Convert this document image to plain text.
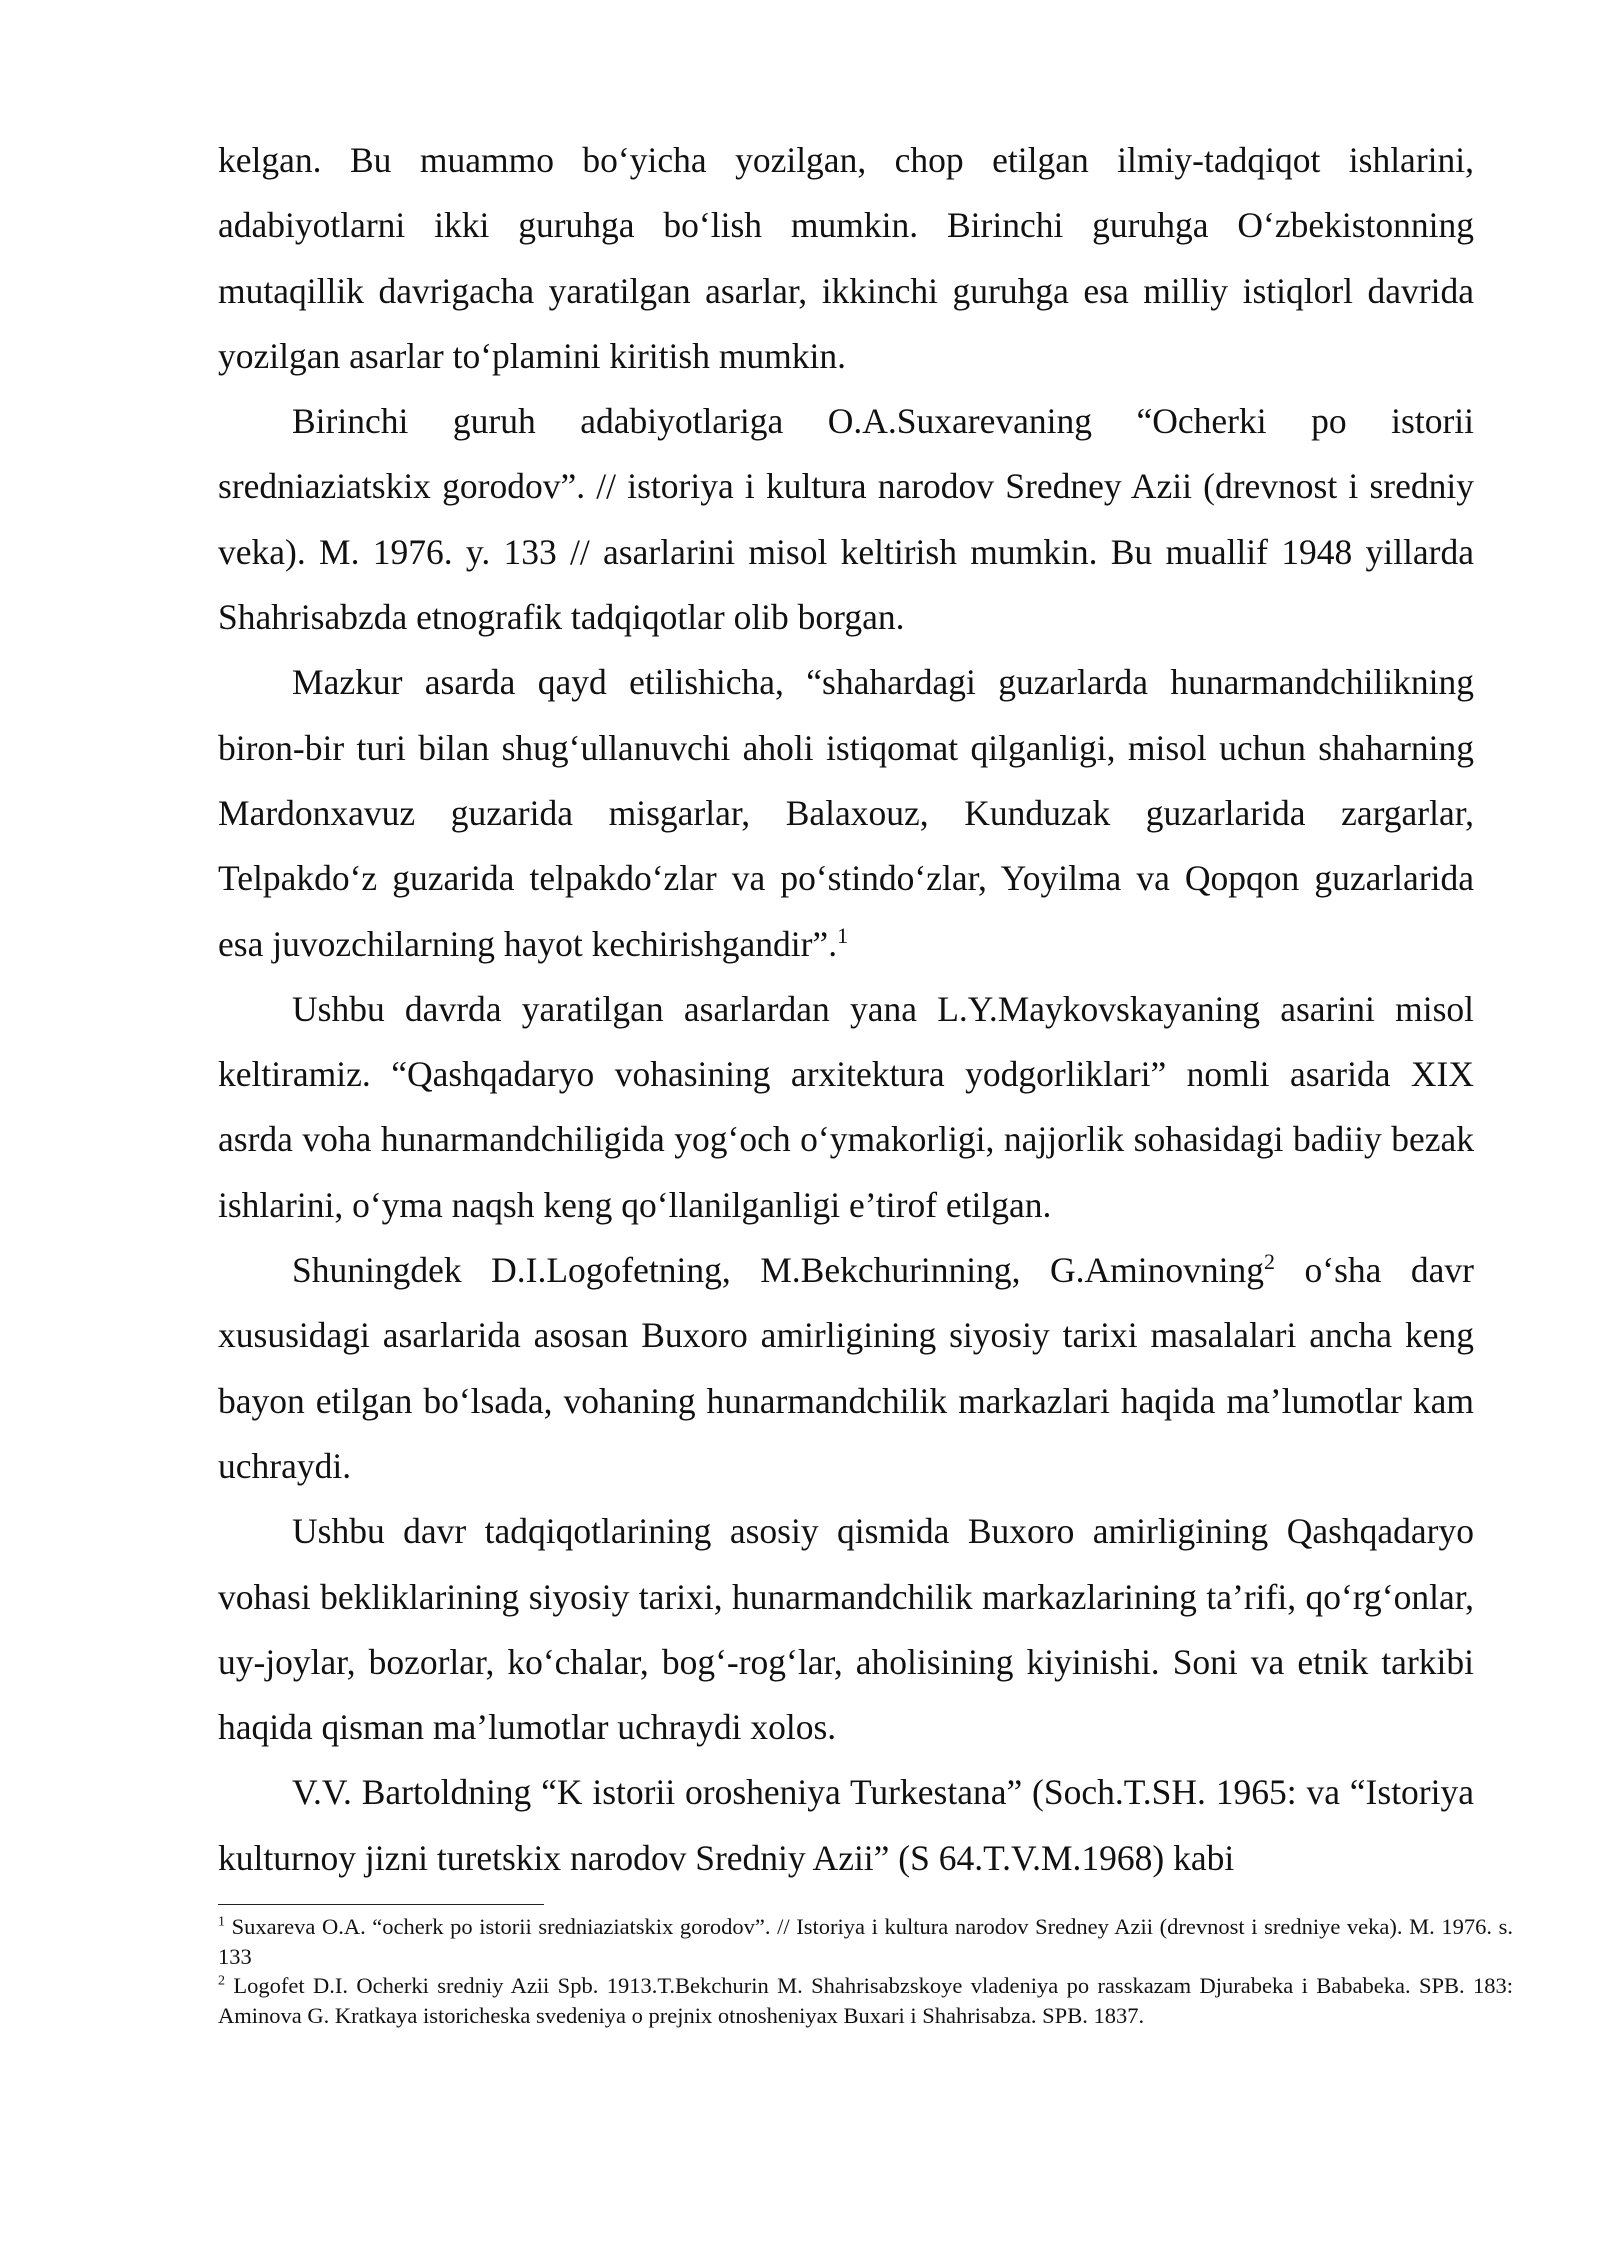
kelgan. Bu muammo bo‘yicha yozilgan, chop etilgan ilmiy-tadqiqot ishlarini, adabiyotlarni ikki guruhga bo‘lish mumkin. Birinchi guruhga O‘zbekistonning mutaqillik davrigacha yaratilgan asarlar, ikkinchi guruhga esa milliy istiqlorl davrida yozilgan asarlar to‘plamini kiritish mumkin.

Birinchi guruh adabiyotlariga O.A.Suxarevaning “Ocherki po istorii sredniaziatskix gorodov”. // istoriya i kultura narodov Sredney Azii (drevnost i sredniy veka). M. 1976. y. 133 // asarlarini misol keltirish mumkin. Bu muallif 1948 yillarda Shahrisabzda etnografik tadqiqotlar olib borgan.

Mazkur asarda qayd etilishicha, “shahardagi guzarlarda hunarmandchilikning biron-bir turi bilan shug‘ullanuvchi aholi istiqomat qilganligi, misol uchun shaharning Mardonxavuz guzarida misgarlar, Balaxouz, Kunduzak guzarlarida zargarlar, Telpakdo‘z guzarida telpakdo‘zlar va po‘stindo‘zlar, Yoyilma va Qopqon guzarlarida esa juvozchilarning hayot kechirishgandir”.$^1$

Ushbu davrda yaratilgan asarlardan yana L.Y.Maykovskayaning asarini misol keltiramiz. “Qashqadaryo vohasining arxitektura yodgorliklari” nomli asarida XIX asrda voha hunarmandchiligida yog‘och o‘ymakorligi, najjorlik sohasidagi badiiy bezak ishlarini, o‘yma naqsh keng qo‘llanilganligi e’tirof etilgan.

Shuningdek D.I.Logofetning, M.Bekchurinning, G.Aminovning$^2$ o‘sha davr xususidagi asarlarida asosan Buxoro amirligining siyosiy tarixi masalalari ancha keng bayon etilgan bo‘lsada, vohaning hunarmandchilik markazlari haqida ma’lumotlar kam uchraydi.

Ushbu davr tadqiqotlarining asosiy qismida Buxoro amirligining Qashqadaryo vohasi bekliklarining siyosiy tarixi, hunarmandchilik markazlarining ta’rifi, qo‘rg‘onlar, uy-joylar, bozorlar, ko‘chalar, bog‘-rog‘lar, aholisining kiyinishi. Soni va etnik tarkibi haqida qisman ma’lumotlar uchraydi xolos.

V.V. Bartoldning “K istorii orosheniya Turkestana” (Soch.T.SH. 1965: va “Istoriya kulturnoy jizni turetskix narodov Sredniy Azii” (S 64.T.V.M.1968) kabi

$^1$ Suxareva O.A. “ocherk po istorii sredniaziatskix gorodov”. // Istoriya i kultura narodov Sredney Azii (drevnost i sredniye veka). M. 1976. s. 133

$^2$ Logofet D.I. Ocherki sredniy Azii Spb. 1913.T.Bekchurin M. Shahrisabzskoye vladeniya po rasskazam Djurabeka i Bababeka. SPB. 183: Aminova G. Kratkaya istoricheska svedeniya o prejnix otnosheniyax Buxari i Shahrisabza. SPB. 1837.
